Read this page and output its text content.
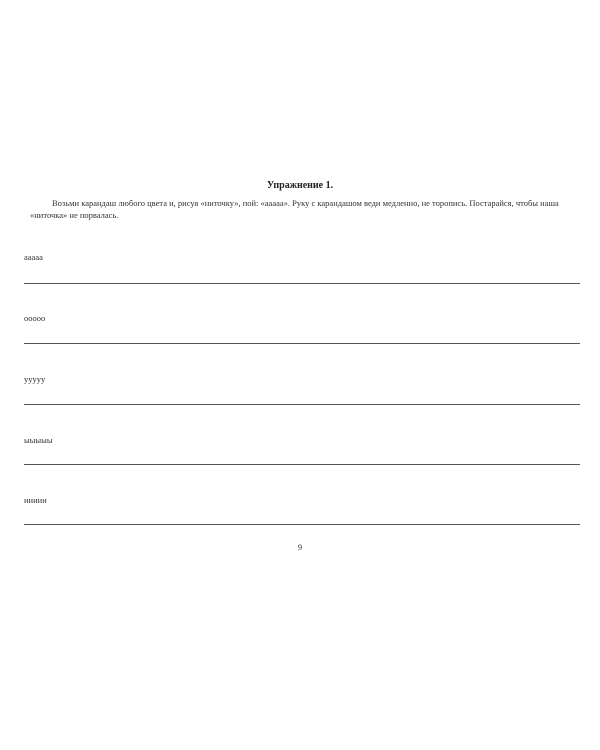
Упражнение 1.
Возьми карандаш любого цвета и, рисуя «ниточку», пой: «ааааа». Руку с карандашом веди медленно, не торопись. Постарайся, чтобы наша «ниточка» не порвалась.
ааааа
ооооо
ууууу
ыыыыы
иииии
9
